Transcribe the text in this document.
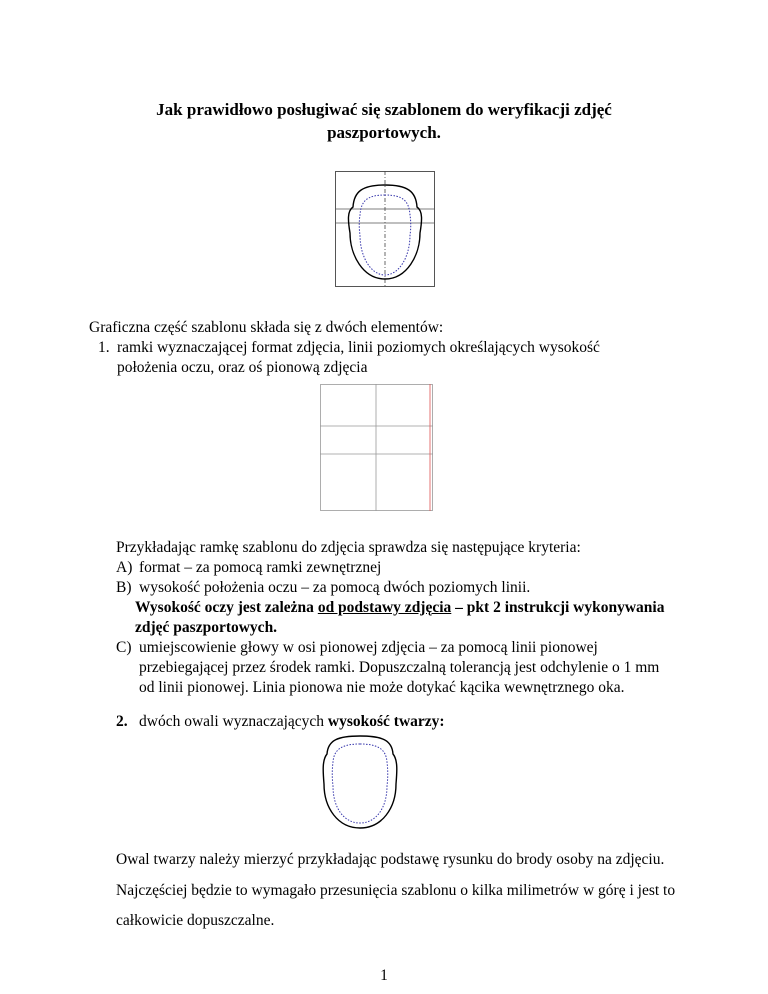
Jak prawidłowo posługiwać się szablonem do weryfikacji zdjęć
paszportowych.
Graficzna część szablonu składa się z dwóch elementów:
1. ramki wyznaczającej format zdjęcia, linii poziomych określających wysokość
położenia oczu, oraz oś pionową zdjęcia
Przykładając ramkę szablonu do zdjęcia sprawdza się następujące kryteria:
A) format – za pomocą ramki zewnętrznej
B) wysokość położenia oczu – za pomocą dwóch poziomych linii.
Wysokość oczy jest zależna od podstawy zdjęcia – pkt 2 instrukcji wykonywania
zdjęć paszportowych.
C) umiejscowienie głowy w osi pionowej zdjęcia – za pomocą linii pionowej
przebiegającej przez środek ramki. Dopuszczalną tolerancją jest odchylenie o 1 mm
od linii pionowej. Linia pionowa nie może dotykać kącika wewnętrznego oka.
2. dwóch owali wyznaczających wysokość twarzy:
Owal twarzy należy mierzyć przykładając podstawę rysunku do brody osoby na zdjęciu.
Najczęściej będzie to wymagało przesunięcia szablonu o kilka milimetrów w górę i jest to
całkowicie dopuszczalne.
1
